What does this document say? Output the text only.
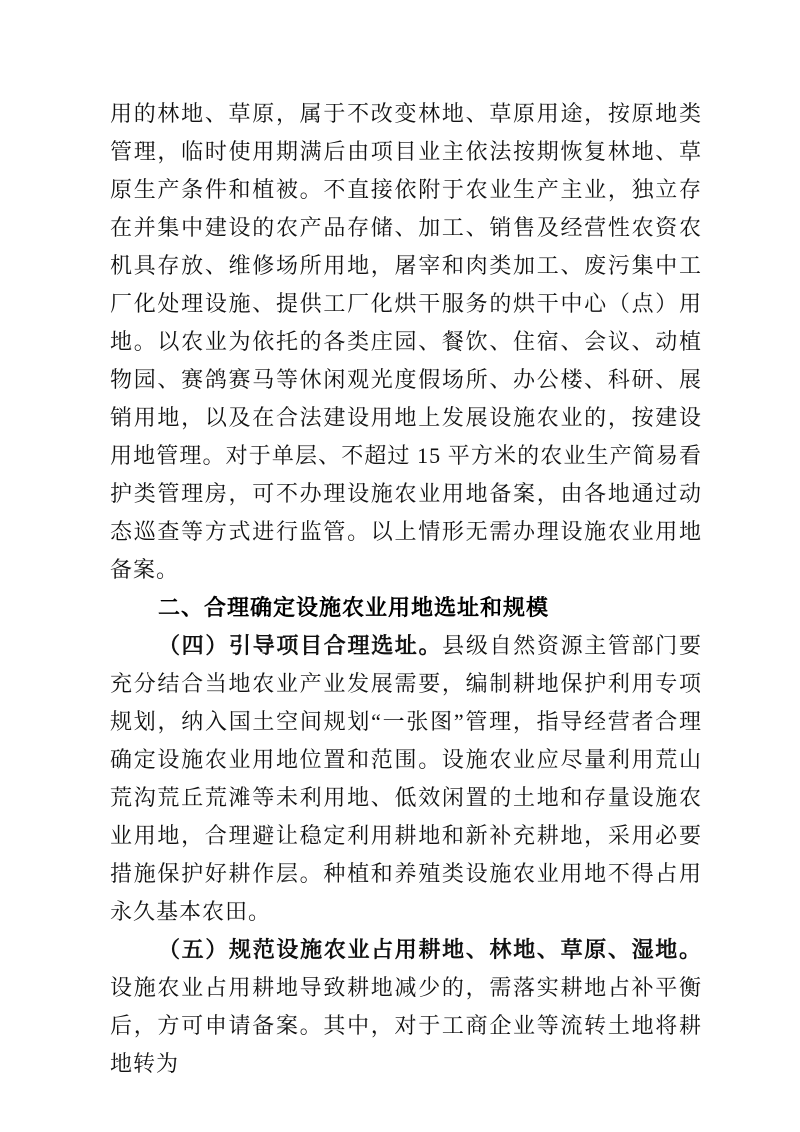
用的林地、草原，属于不改变林地、草原用途，按原地类管理，临时使用期满后由项目业主依法按期恢复林地、草原生产条件和植被。不直接依附于农业生产主业，独立存在并集中建设的农产品存储、加工、销售及经营性农资农机具存放、维修场所用地，屠宰和肉类加工、废污集中工厂化处理设施、提供工厂化烘干服务的烘干中心（点）用地。以农业为依托的各类庄园、餐饮、住宿、会议、动植物园、赛鸽赛马等休闲观光度假场所、办公楼、科研、展销用地，以及在合法建设用地上发展设施农业的，按建设用地管理。对于单层、不超过 15 平方米的农业生产简易看护类管理房，可不办理设施农业用地备案，由各地通过动态巡查等方式进行监管。以上情形无需办理设施农业用地备案。

二、合理确定设施农业用地选址和规模

（四）引导项目合理选址。县级自然资源主管部门要充分结合当地农业产业发展需要，编制耕地保护利用专项规划，纳入国土空间规划“一张图”管理，指导经营者合理确定设施农业用地位置和范围。设施农业应尽量利用荒山荒沟荒丘荒滩等未利用地、低效闲置的土地和存量设施农业用地，合理避让稳定利用耕地和新补充耕地，采用必要措施保护好耕作层。种植和养殖类设施农业用地不得占用永久基本农田。

（五）规范设施农业占用耕地、林地、草原、湿地。设施农业占用耕地导致耕地减少的，需落实耕地占补平衡后，方可申请备案。其中，对于工商企业等流转土地将耕地转为
